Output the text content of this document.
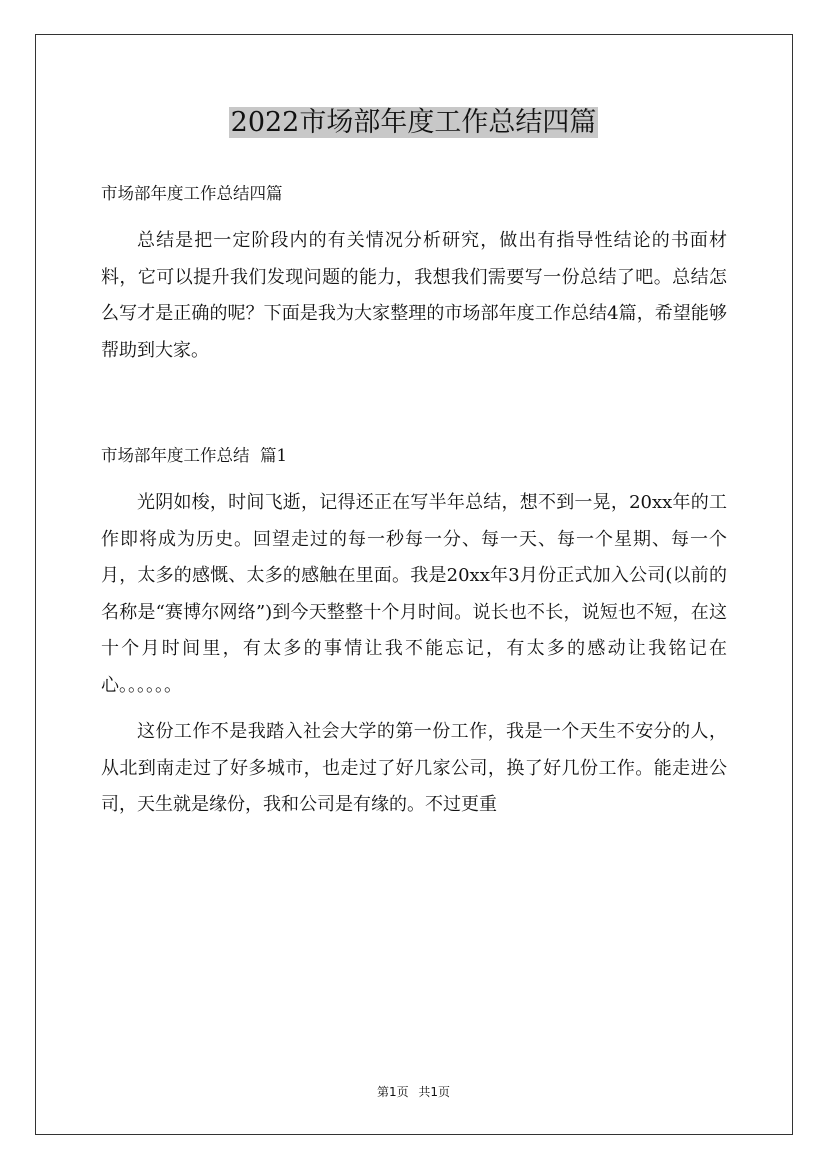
2022市场部年度工作总结四篇
市场部年度工作总结四篇

总结是把一定阶段内的有关情况分析研究，做出有指导性结论的书面材料，它可以提升我们发现问题的能力，我想我们需要写一份总结了吧。总结怎么写才是正确的呢？下面是我为大家整理的市场部年度工作总结4篇，希望能够帮助到大家。

市场部年度工作总结  篇1

光阴如梭，时间飞逝，记得还正在写半年总结，想不到一晃，20xx年的工作即将成为历史。回望走过的每一秒每一分、每一天、每一个星期、每一个月，太多的感慨、太多的感触在里面。我是20xx年3月份正式加入公司(以前的名称是“赛博尔网络”)到今天整整十个月时间。说长也不长，说短也不短，在这十个月时间里，有太多的事情让我不能忘记，有太多的感动让我铭记在心。。。。。。

这份工作不是我踏入社会大学的第一份工作，我是一个天生不安分的人，从北到南走过了好多城市，也走过了好几家公司，换了好几份工作。能走进公司，天生就是缘份，我和公司是有缘的。不过更重

第1页 共1页
